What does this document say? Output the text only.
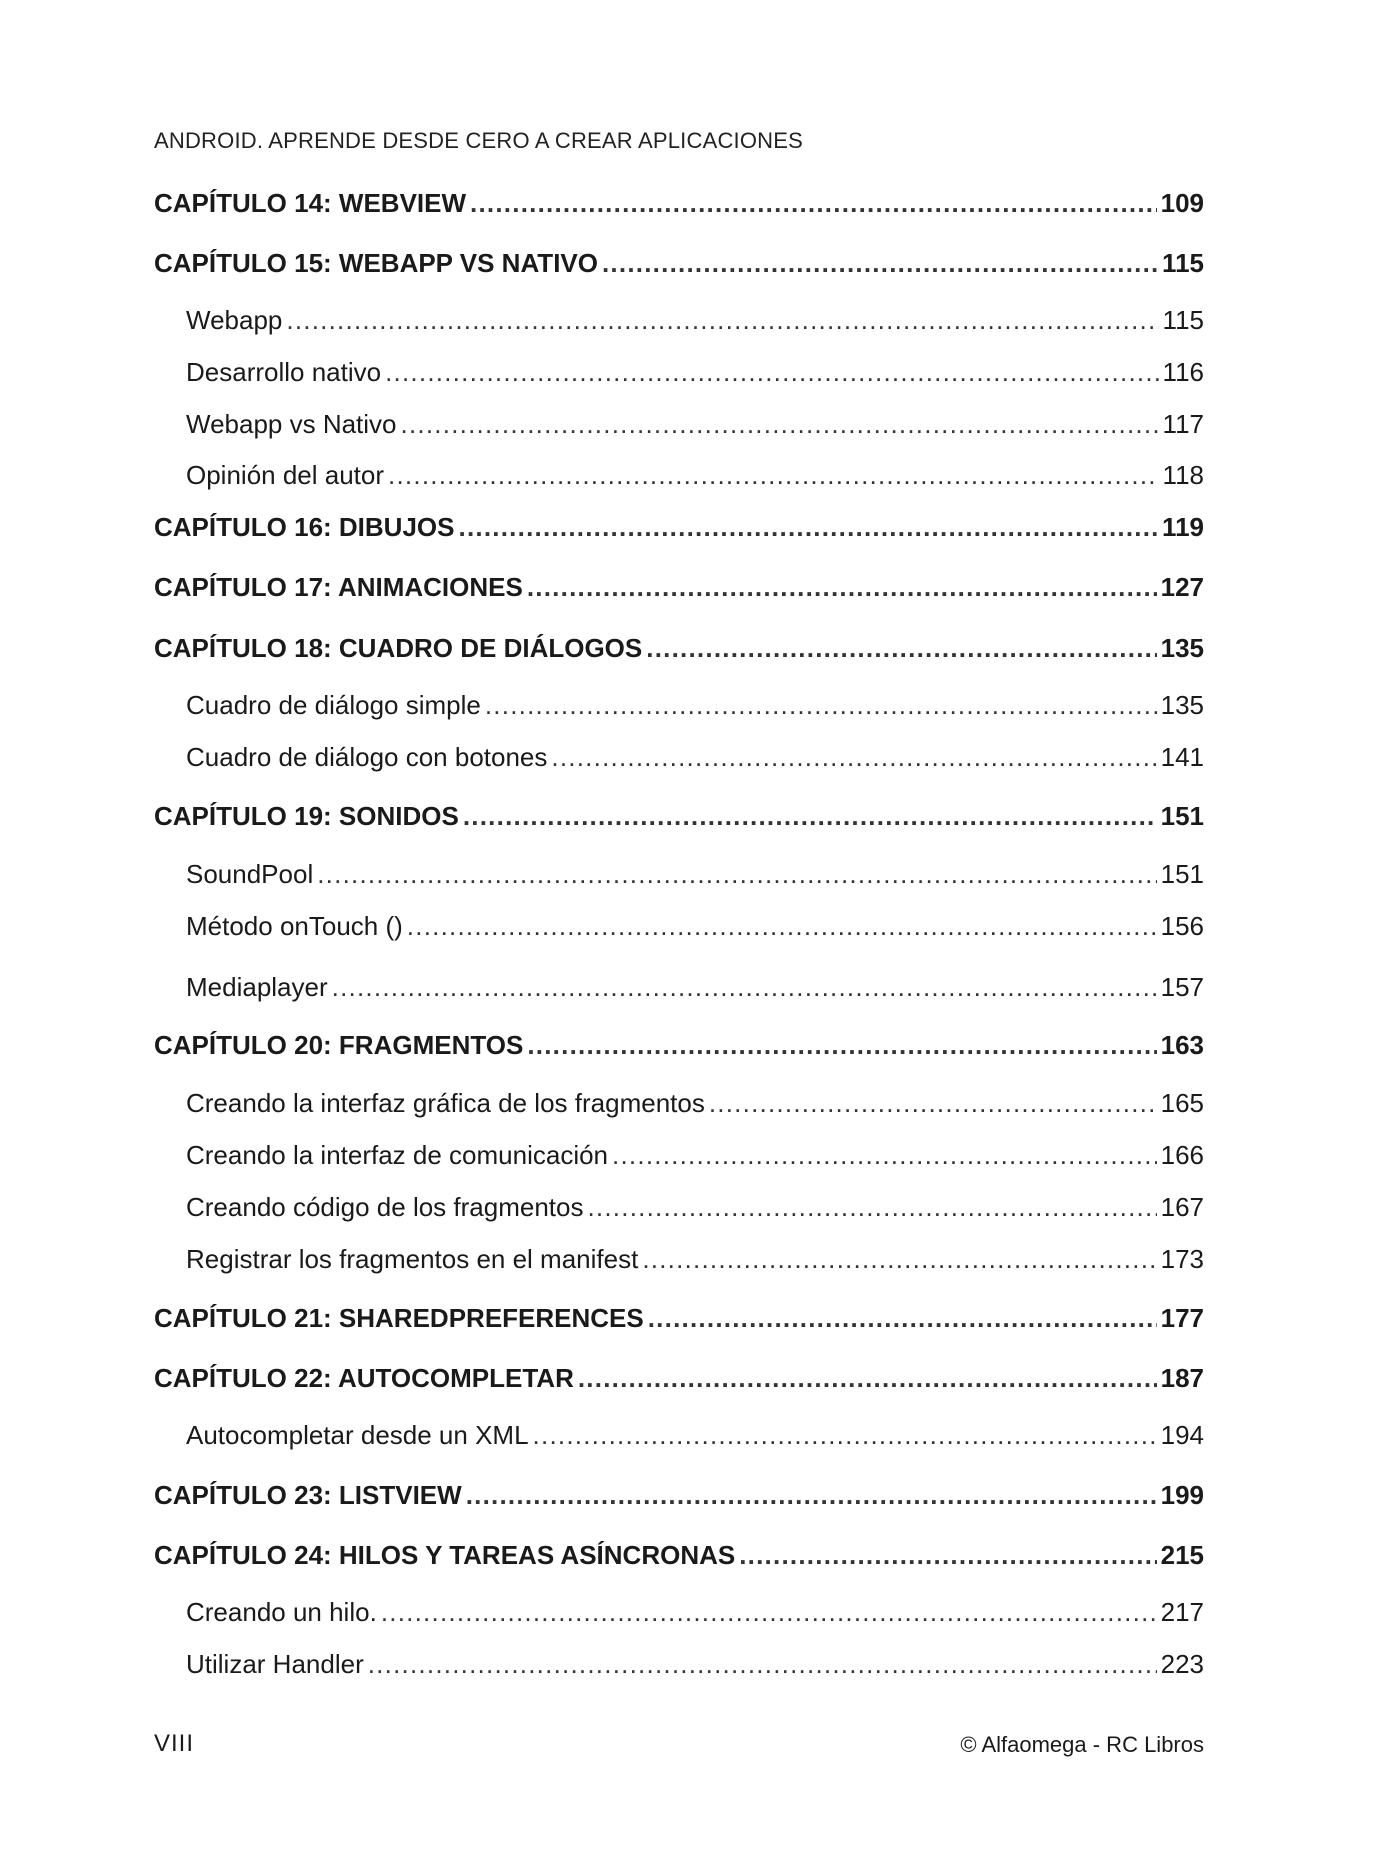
ANDROID. APRENDE DESDE CERO A CREAR APLICACIONES
CAPÍTULO 14: WEBVIEW . . .	109
CAPÍTULO 15: WEBAPP VS NATIVO . . .	115
Webapp . . .	115
Desarrollo nativo . . .	116
Webapp vs Nativo . . .	117
Opinión del autor . . .	118
CAPÍTULO 16: DIBUJOS . . .	119
CAPÍTULO 17: ANIMACIONES . . .	127
CAPÍTULO 18: CUADRO DE DIÁLOGOS . . .	135
Cuadro de diálogo simple . . .	135
Cuadro de diálogo con botones . . .	141
CAPÍTULO 19: SONIDOS . . .	151
SoundPool . . .	151
Método onTouch () . . .	156
Mediaplayer . . .	157
CAPÍTULO 20: FRAGMENTOS . . .	163
Creando la interfaz gráfica de los fragmentos . . .	165
Creando la interfaz de comunicación . . .	166
Creando código de los fragmentos . . .	167
Registrar los fragmentos en el manifest . . .	173
CAPÍTULO 21: SHAREDPREFERENCES . . .	177
CAPÍTULO 22: AUTOCOMPLETAR . . .	187
Autocompletar desde un XML . . .	194
CAPÍTULO 23: LISTVIEW . . .	199
CAPÍTULO 24: HILOS Y TAREAS ASÍNCRONAS . . .	215
Creando un hilo. . . .	217
Utilizar Handler . . .	223
VIII	© Alfaomega - RC Libros
